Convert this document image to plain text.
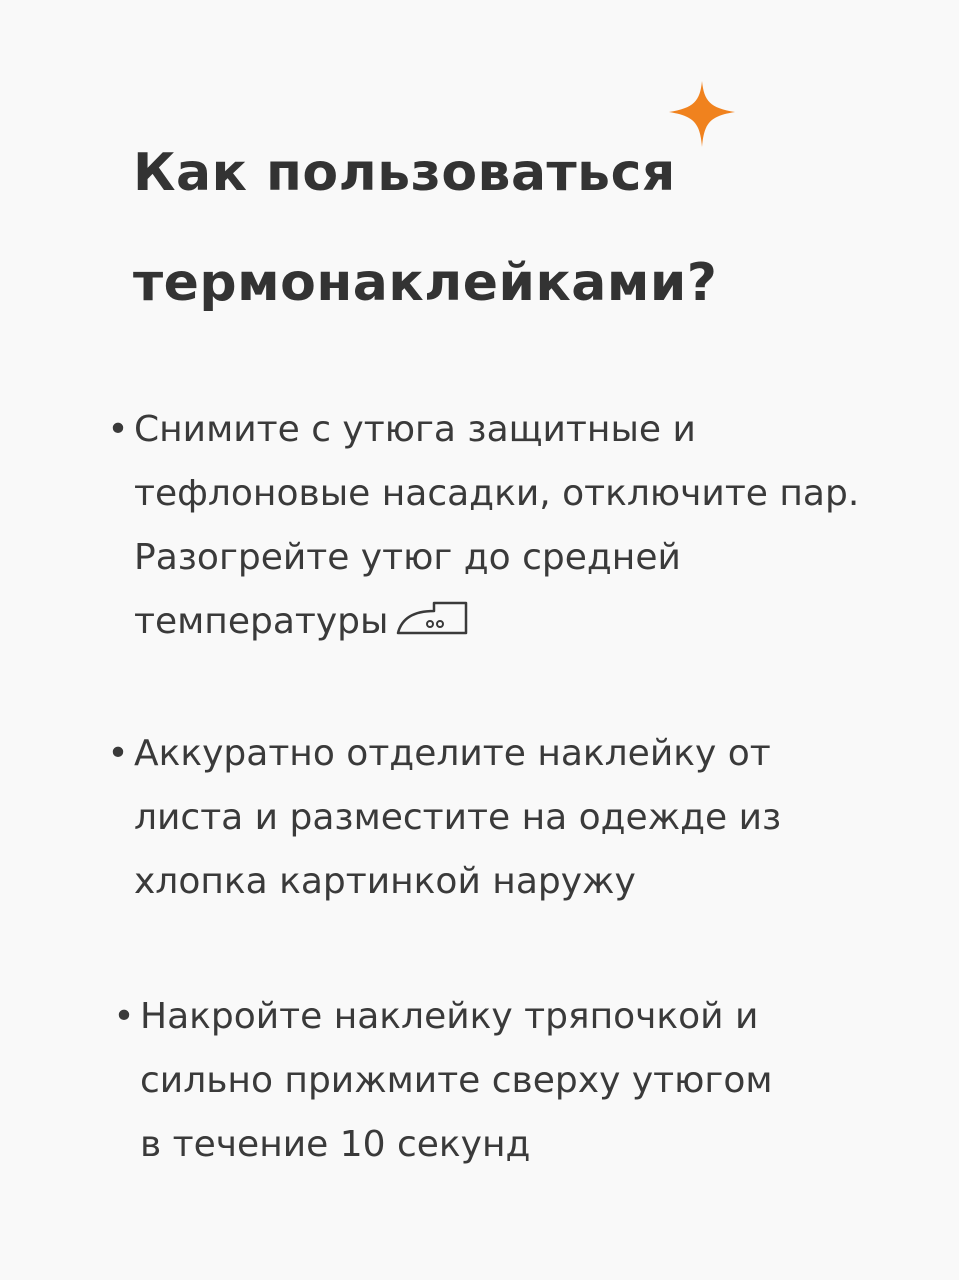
Как пользоваться
термонаклейками?
• Снимите с утюга защитные и
тефлоновые насадки, отключите пар.
Разогрейте утюг до средней
температуры
• Аккуратно отделите наклейку от
листа и разместите на одежде из
хлопка картинкой наружу
• Накройте наклейку тряпочкой и
сильно прижмите сверху утюгом
в течение 10 секунд
